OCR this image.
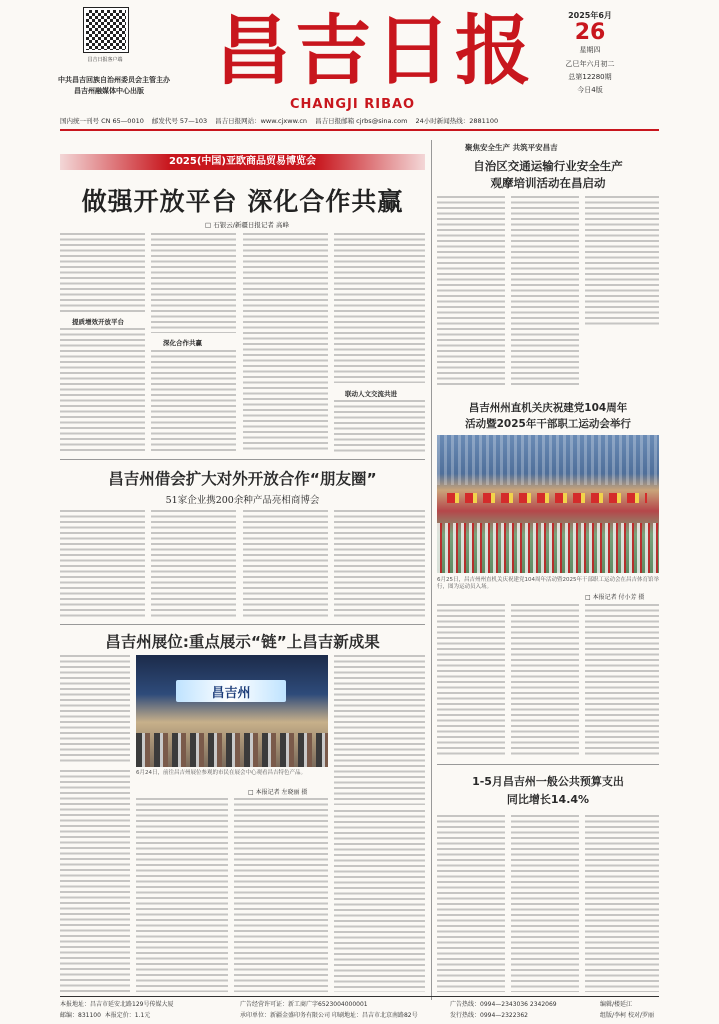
昌吉日报客户端
中共昌吉回族自治州委员会主管主办
昌吉州融媒体中心出版 昌吉日报
CHANGJI RIBAO
2025年6月
26
星期四
乙巳年六月初二
总第12280期
今日4版
国内统一刊号 CN 65—0010 邮发代号 57—103 昌吉日报网站：www.cjxww.cn 昌吉日报邮箱 cjrbs@sina.com 24小时新闻热线：2881100
2025(中国)亚欧商品贸易博览会
做强开放平台 深化合作共赢
□ 石银云/新疆日报记者 高峰
提质增效开放平台
深化合作共赢
联动人文交流共进
聚焦安全生产 共筑平安昌吉
自治区交通运输行业安全生产
观摩培训活动在昌启动
昌吉州州直机关庆祝建党104周年
活动暨2025年干部职工运动会举行
6月25日，昌吉州州直机关庆祝建党104周年活动暨2025年干部职工运动会在昌吉体育馆举行，图为运动员入场。
□ 本报记者 付小芳 摄
昌吉州借会扩大对外开放合作“朋友圈”
51家企业携200余种产品亮相商博会
昌吉州展位:重点展示“链”上昌吉新成果
昌吉州
6月24日，前往昌吉州展位参观的市民在展会中心观看昌吉特色产品。
□ 本报记者 左晓丽 摄
1-5月昌吉州一般公共预算支出
同比增长14.4%
本报地址：昌吉市延安北路129号传媒大厦
邮编：831100 本报定价：1.1元
广告经营许可证：新工商广字6523004000001
承印单位：新疆金盛印务有限公司 印刷地址：昌吉市北京南路82号
广告热线：0994—2343036 2342069
发行热线：0994—2322362
编辑/楼延江
组版/李柯 校对/罗丽
